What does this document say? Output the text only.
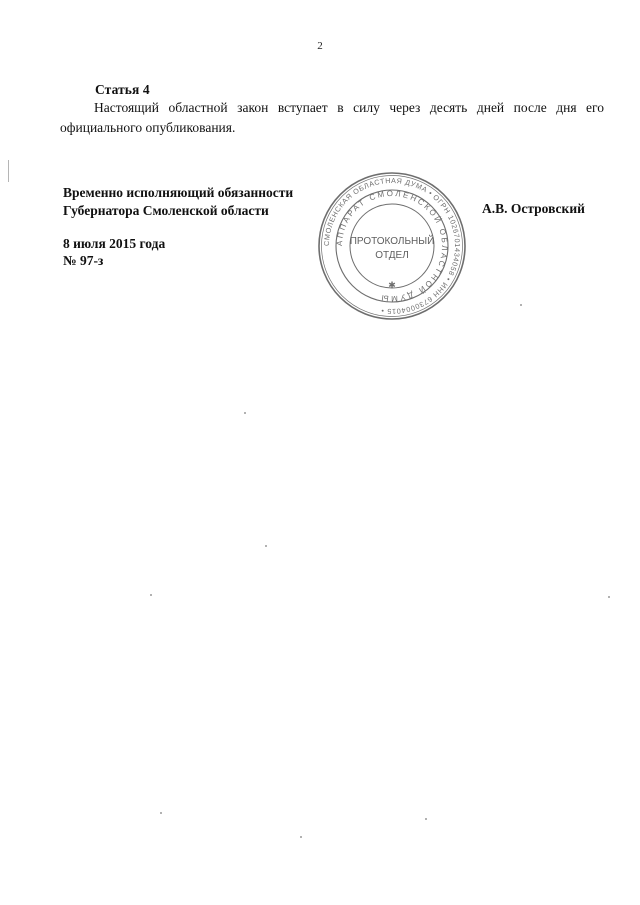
2
Статья 4
Настоящий областной закон вступает в силу через десять дней после дня его официального опубликования.
Временно исполняющий обязанности
Губернатора Смоленской области	А.В. Островский
8 июля 2015 года
№ 97-з
СМОЛЕНСКАЯ ОБЛАСТНАЯ ДУМА • ОГРН 1026701434058 • ИНН 6730004015 •
АППАРАТ СМОЛЕНСКОЙ ОБЛАСТНОЙ ДУМЫ
ПРОТОКОЛЬНЫЙ
ОТДЕЛ
✱
